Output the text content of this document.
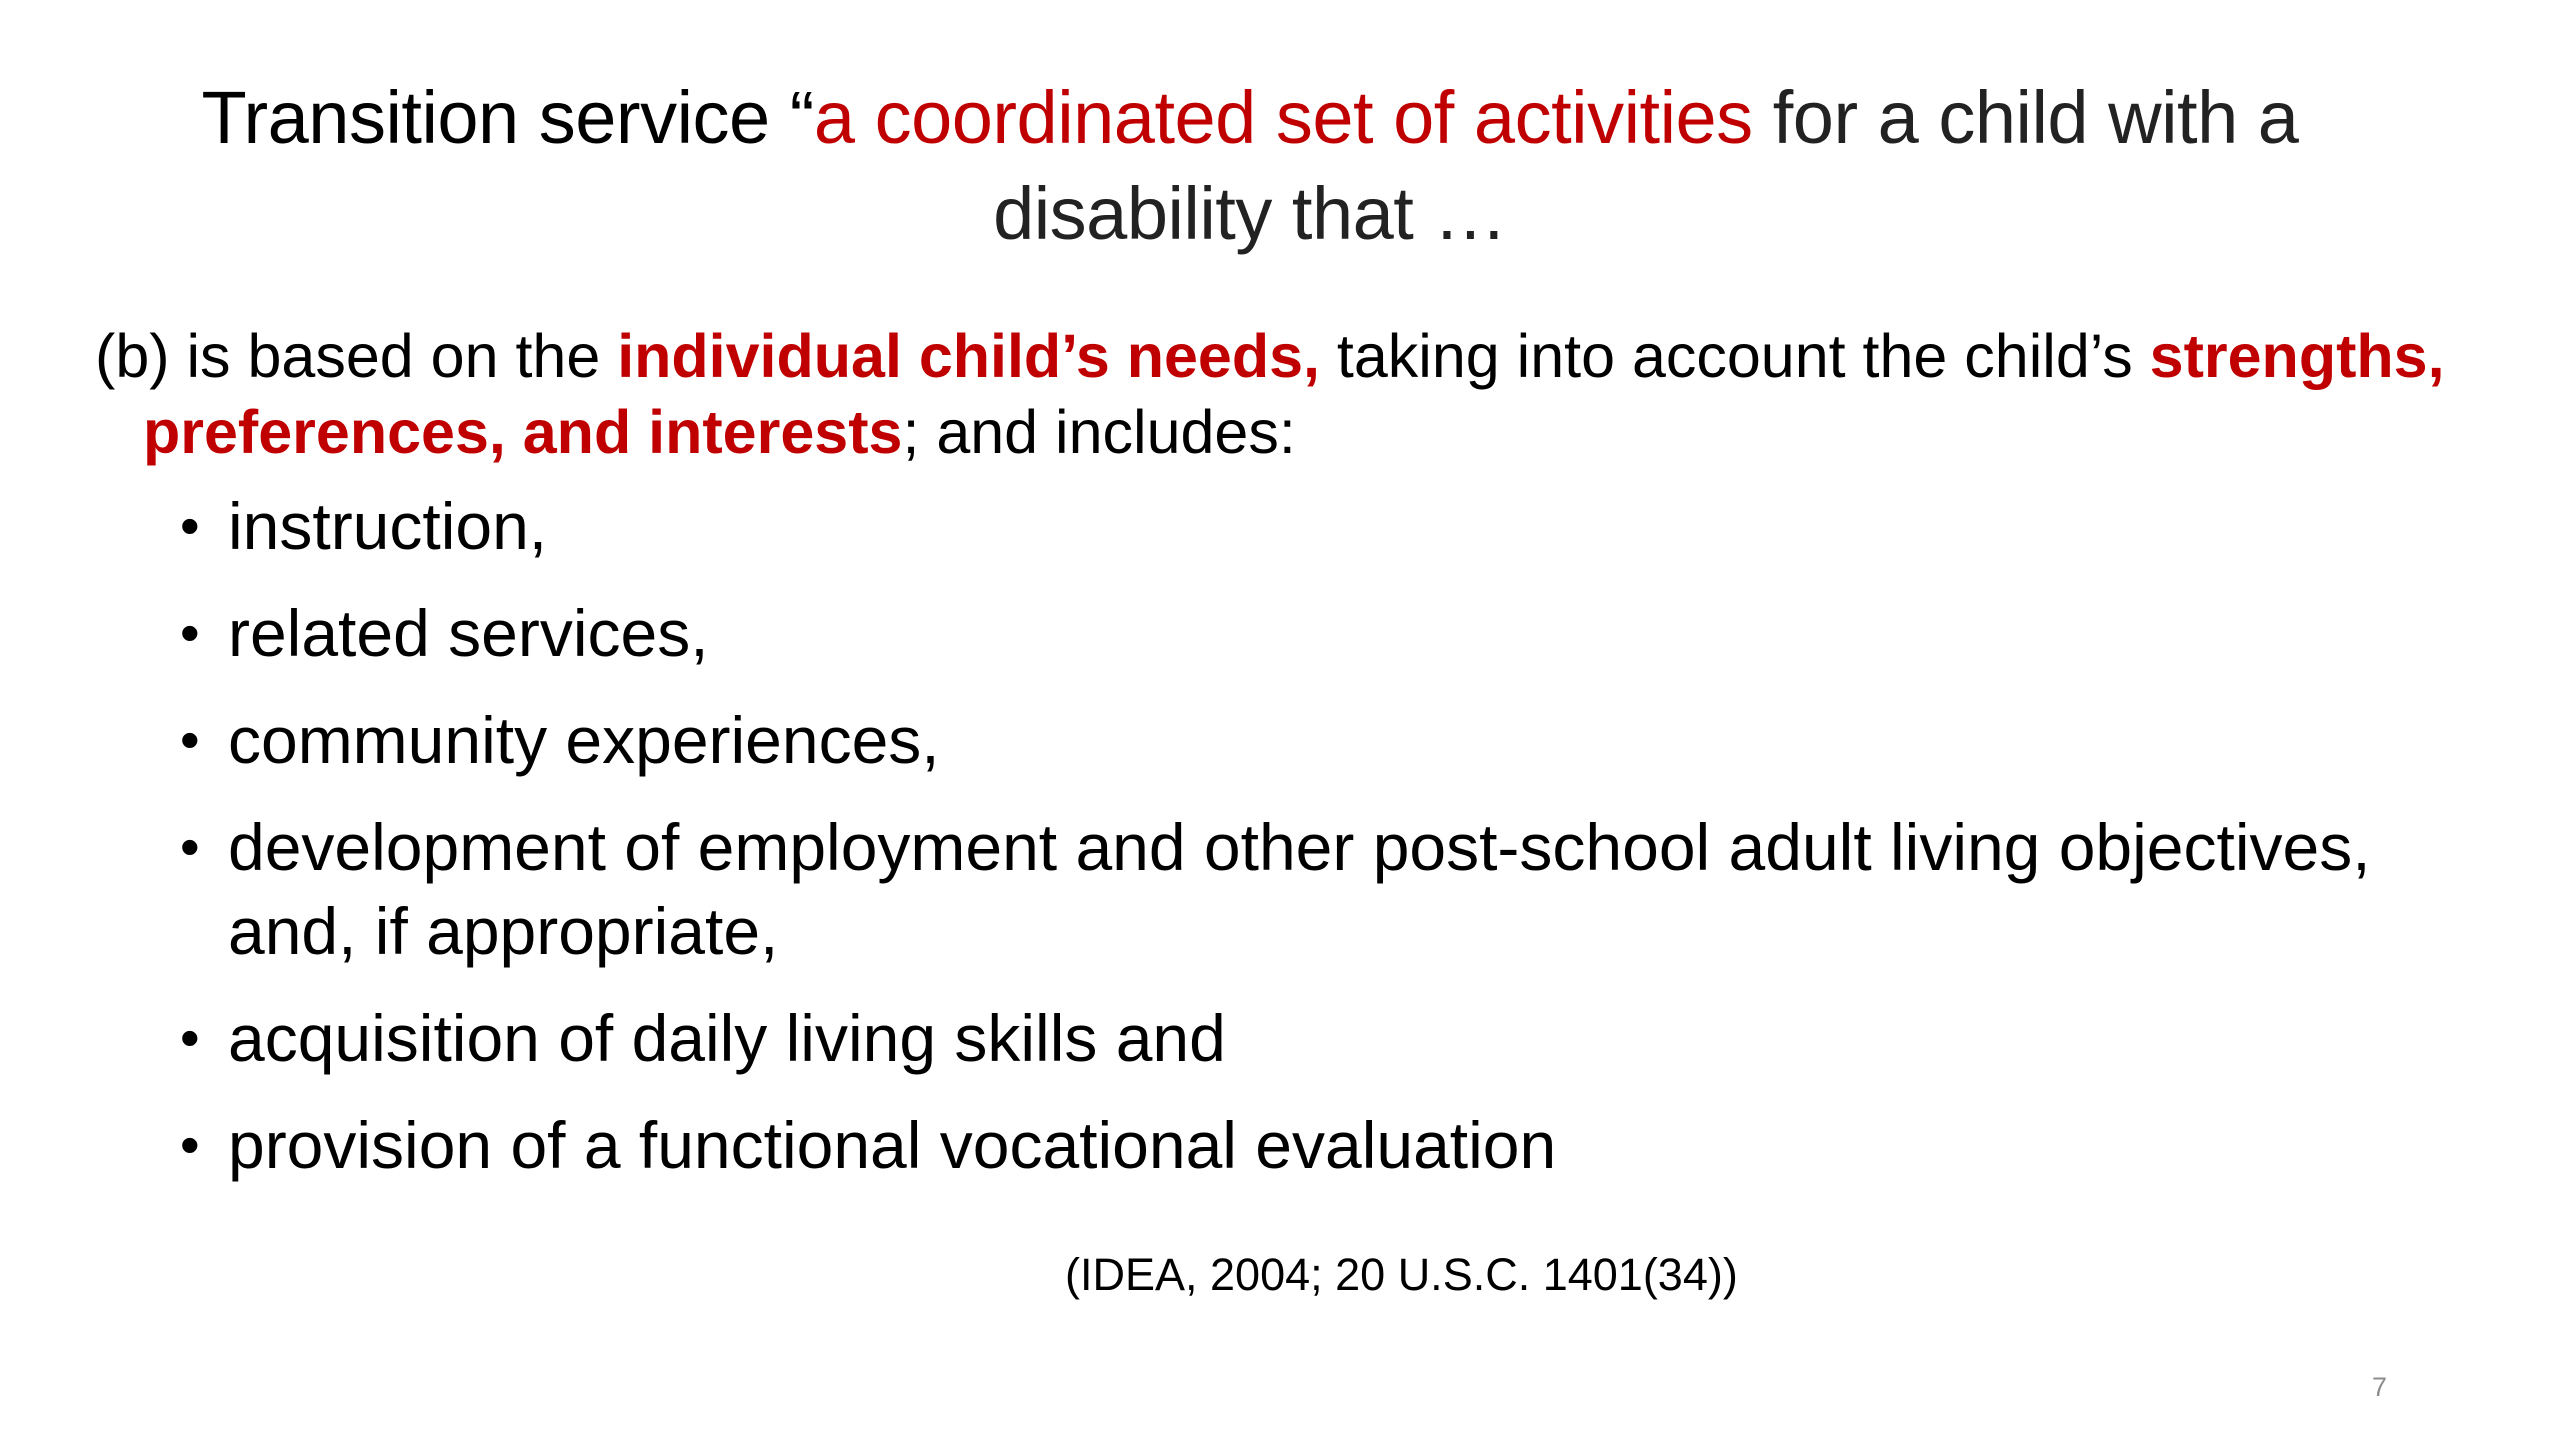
Transition service “a coordinated set of activities for a child with a disability that …

(b) is based on the individual child’s needs, taking into account the child’s strengths, preferences, and interests; and includes:

• instruction,
• related services,
• community experiences,
• development of employment and other post-school adult living objectives, and, if appropriate,
• acquisition of daily living skills and
• provision of a functional vocational evaluation
(IDEA, 2004; 20 U.S.C. 1401(34))
7
